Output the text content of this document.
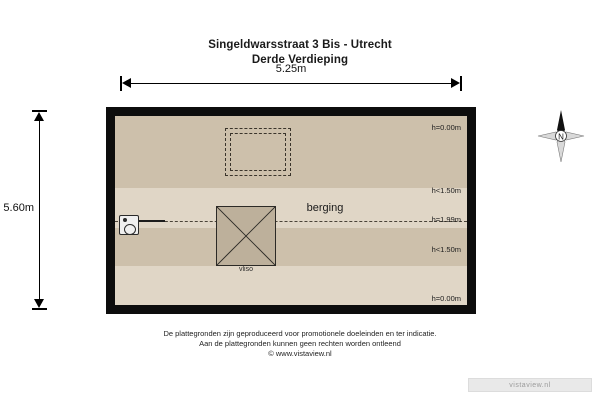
Singeldwarsstraat 3 Bis - Utrecht
Derde Verdieping
5.25m
5.60m
vliso
berging
h=0.00m
h<1.50m
h=1.99m
h<1.50m
h=0.00m
N
De plattegronden zijn geproduceerd voor promotionele doeleinden en ter indicatie.
Aan de plattegronden kunnen geen rechten worden ontleend
© www.vistaview.nl
vistaview.nl
